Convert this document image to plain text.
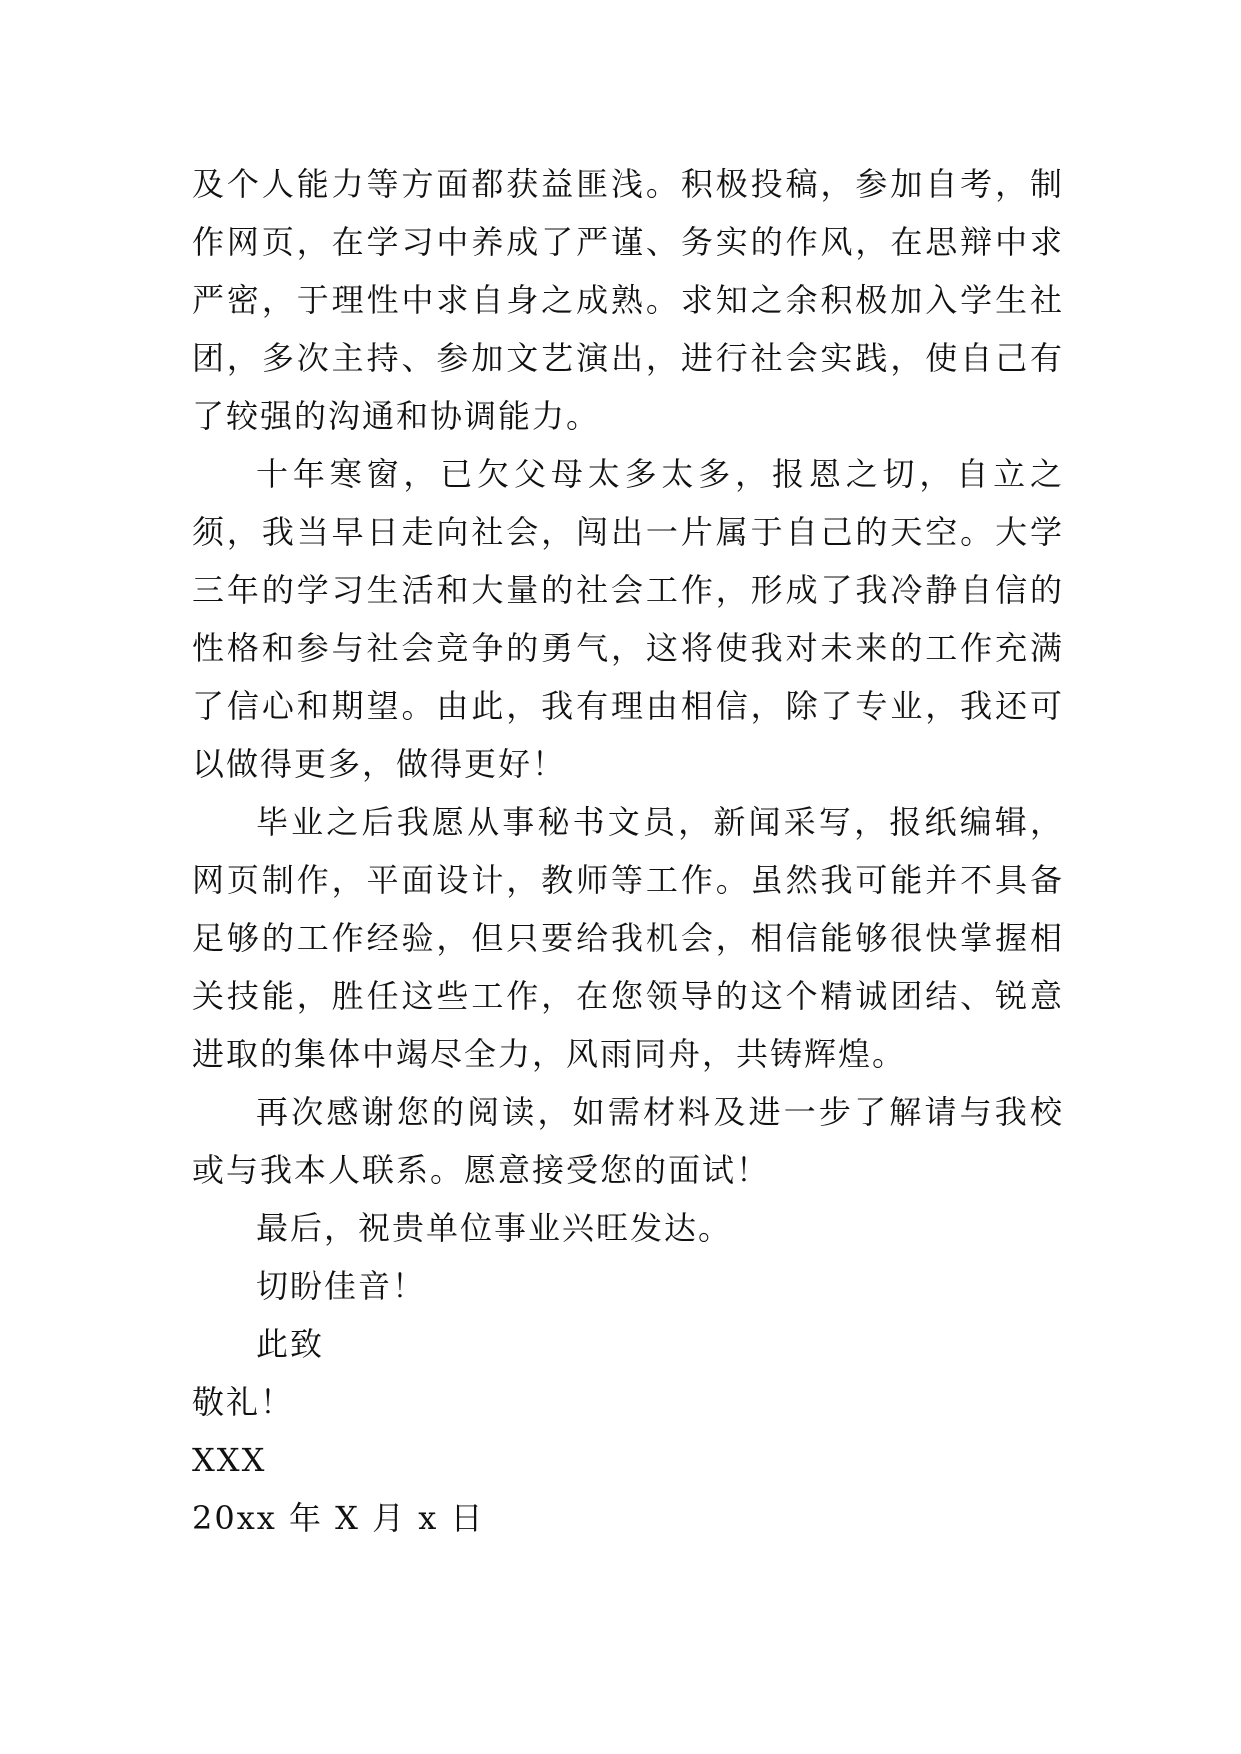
及个人能力等方面都获益匪浅。积极投稿，参加自考，制作网页，在学习中养成了严谨、务实的作风，在思辩中求严密，于理性中求自身之成熟。求知之余积极加入学生社团，多次主持、参加文艺演出，进行社会实践，使自己有了较强的沟通和协调能力。

十年寒窗，已欠父母太多太多，报恩之切，自立之须，我当早日走向社会，闯出一片属于自己的天空。大学三年的学习生活和大量的社会工作，形成了我冷静自信的性格和参与社会竞争的勇气，这将使我对未来的工作充满了信心和期望。由此，我有理由相信，除了专业，我还可以做得更多，做得更好！

毕业之后我愿从事秘书文员，新闻采写，报纸编辑，网页制作，平面设计，教师等工作。虽然我可能并不具备足够的工作经验，但只要给我机会，相信能够很快掌握相关技能，胜任这些工作，在您领导的这个精诚团结、锐意进取的集体中竭尽全力，风雨同舟，共铸辉煌。

再次感谢您的阅读，如需材料及进一步了解请与我校或与我本人联系。愿意接受您的面试！

最后，祝贵单位事业兴旺发达。

切盼佳音！

此致

敬礼！

XXX

20xx 年 X 月 x 日
